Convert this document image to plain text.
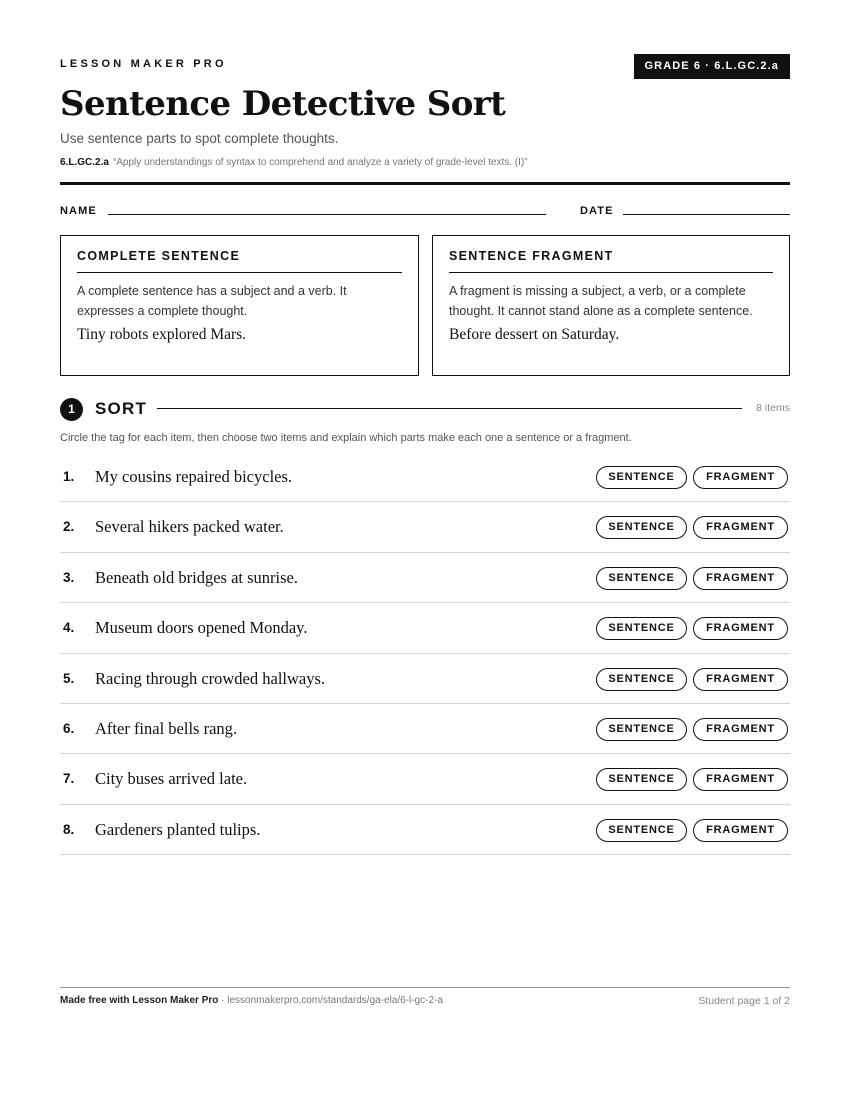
LESSON MAKER PRO	GRADE 6 · 6.L.GC.2.a
Sentence Detective Sort
Use sentence parts to spot complete thoughts.
6.L.GC.2.a “Apply understandings of syntax to comprehend and analyze a variety of grade-level texts. (I)”
NAME	DATE
COMPLETE SENTENCE
A complete sentence has a subject and a verb. It expresses a complete thought.
Tiny robots explored Mars.
SENTENCE FRAGMENT
A fragment is missing a subject, a verb, or a complete thought. It cannot stand alone as a complete sentence.
Before dessert on Saturday.
1	SORT	8 items
Circle the tag for each item, then choose two items and explain which parts make each one a sentence or a fragment.
1. My cousins repaired bicycles.	SENTENCE	FRAGMENT
2. Several hikers packed water.	SENTENCE	FRAGMENT
3. Beneath old bridges at sunrise.	SENTENCE	FRAGMENT
4. Museum doors opened Monday.	SENTENCE	FRAGMENT
5. Racing through crowded hallways.	SENTENCE	FRAGMENT
6. After final bells rang.	SENTENCE	FRAGMENT
7. City buses arrived late.	SENTENCE	FRAGMENT
8. Gardeners planted tulips.	SENTENCE	FRAGMENT
Made free with Lesson Maker Pro · lessonmakerpro.com/standards/ga-ela/6-l-gc-2-a	Student page 1 of 2
